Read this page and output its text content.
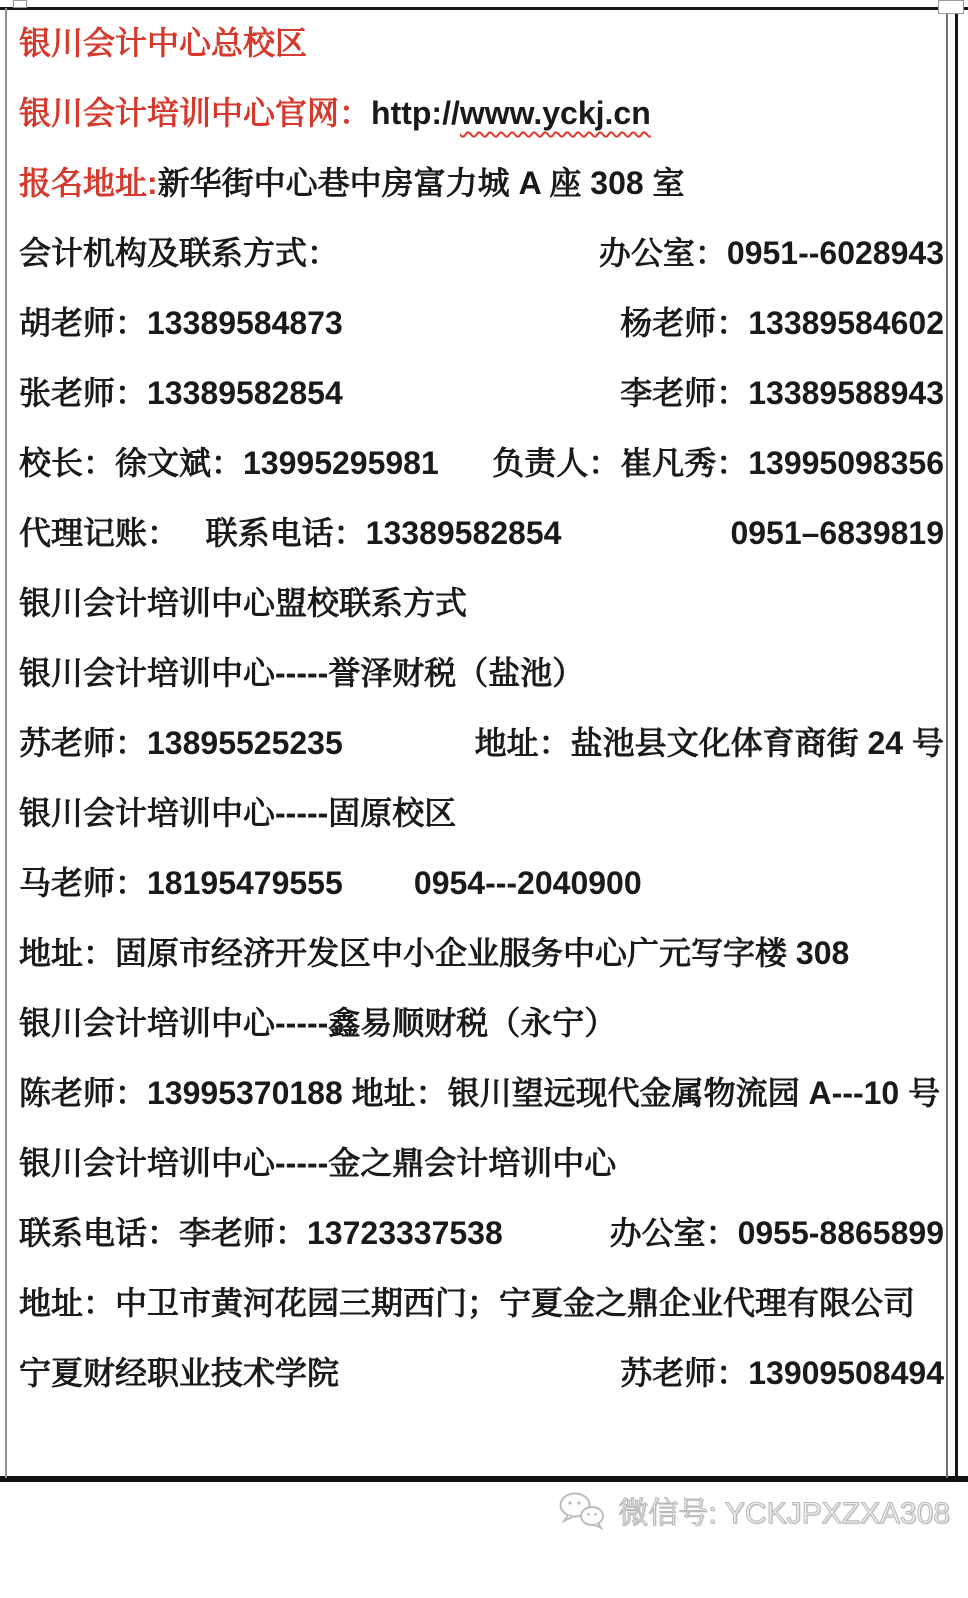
银川会计中心总校区
银川会计培训中心官网： http:// www.yckj.cn
报名地址: 新华街中心巷中房富力城 A 座 308 室
会计机构及联系方式：	办公室：0951--6028943
胡老师：13389584873	杨老师：13389584602
张老师：13389582854	李老师：13389588943
校长：徐文斌：13995295981 负责人：崔凡秀：13995098356
代理记账：   联系电话：13389582854	0951–6839819
银川会计培训中心盟校联系方式
银川会计培训中心-----誉泽财税（盐池）
苏老师：13895525235	地址：盐池县文化体育商街 24 号
银川会计培训中心-----固原校区
马老师：18195479555        0954---2040900
地址：固原市经济开发区中小企业服务中心广元写字楼 308
银川会计培训中心-----鑫易顺财税（永宁）
陈老师：13995370188 地址：银川望远现代金属物流园 A---10 号
银川会计培训中心-----金之鼎会计培训中心
联系电话：李老师：13723337538	办公室：0955-8865899
地址：中卫市黄河花园三期西门；宁夏金之鼎企业代理有限公司
宁夏财经职业技术学院	苏老师：13909508494

微信号: YCKJPXZXA308
